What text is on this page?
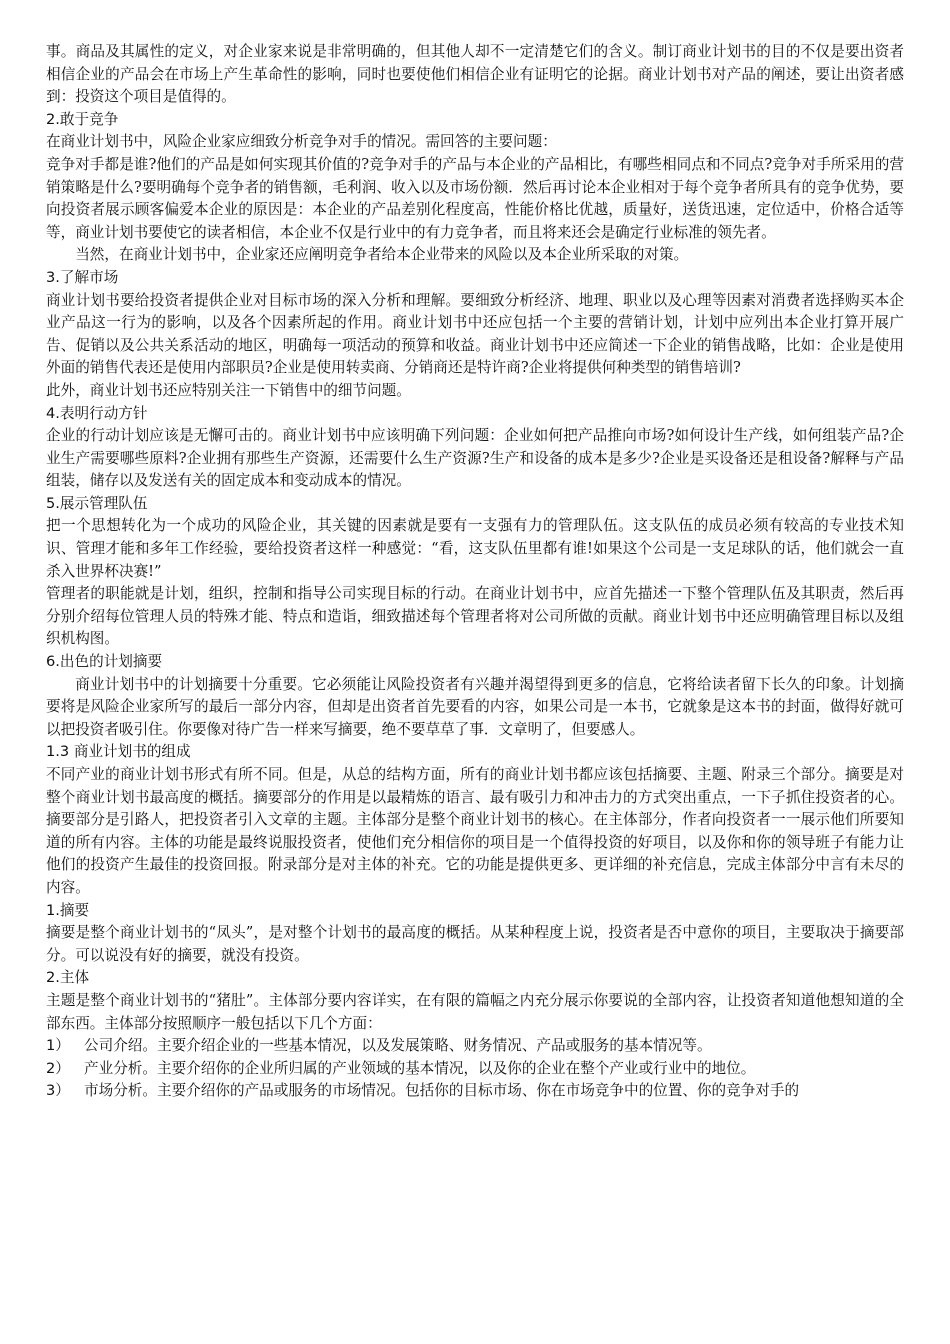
事。商品及其属性的定义，对企业家来说是非常明确的，但其他人却不一定清楚它们的含义。制订商业计划书的目的不仅是要出资者相信企业的产品会在市场上产生革命性的影响，同时也要使他们相信企业有证明它的论据。商业计划书对产品的阐述，要让出资者感到：投资这个项目是值得的。

2.敢于竞争

在商业计划书中，风险企业家应细致分析竞争对手的情况。需回答的主要问题：

竞争对手都是谁?他们的产品是如何实现其价值的?竞争对手的产品与本企业的产品相比，有哪些相同点和不同点?竞争对手所采用的营销策略是什么?要明确每个竞争者的销售额，毛利润、收入以及市场份额．然后再讨论本企业相对于每个竞争者所具有的竞争优势，要向投资者展示顾客偏爱本企业的原因是：本企业的产品差别化程度高，性能价格比优越，质量好，送货迅速，定位适中，价格合适等等，商业计划书要使它的读者相信，本企业不仅是行业中的有力竞争者，而且将来还会是确定行业标准的领先者。

当然，在商业计划书中，企业家还应阐明竞争者给本企业带来的风险以及本企业所采取的对策。

3.了解市场

商业计划书要给投资者提供企业对目标市场的深入分析和理解。要细致分析经济、地理、职业以及心理等因素对消费者选择购买本企业产品这一行为的影响，以及各个因素所起的作用。商业计划书中还应包括一个主要的营销计划，计划中应列出本企业打算开展广告、促销以及公共关系活动的地区，明确每一项活动的预算和收益。商业计划书中还应简述一下企业的销售战略，比如：企业是使用外面的销售代表还是使用内部职员?企业是使用转卖商、分销商还是特许商?企业将提供何种类型的销售培训?

此外，商业计划书还应特别关注一下销售中的细节问题。

4.表明行动方针

企业的行动计划应该是无懈可击的。商业计划书中应该明确下列问题：企业如何把产品推向市场?如何设计生产线，如何组装产品?企业生产需要哪些原料?企业拥有那些生产资源，还需要什么生产资源?生产和设备的成本是多少?企业是买设备还是租设备?解释与产品组装，储存以及发送有关的固定成本和变动成本的情况。

5.展示管理队伍

把一个思想转化为一个成功的风险企业，其关键的因素就是要有一支强有力的管理队伍。这支队伍的成员必须有较高的专业技术知识、管理才能和多年工作经验，要给投资者这样一种感觉：“看，这支队伍里都有谁!如果这个公司是一支足球队的话，他们就会一直杀入世界杯决赛!”

管理者的职能就是计划，组织，控制和指导公司实现目标的行动。在商业计划书中，应首先描述一下整个管理队伍及其职责，然后再分别介绍每位管理人员的特殊才能、特点和造诣，细致描述每个管理者将对公司所做的贡献。商业计划书中还应明确管理目标以及组织机构图。

6.出色的计划摘要

商业计划书中的计划摘要十分重要。它必须能让风险投资者有兴趣并渴望得到更多的信息，它将给读者留下长久的印象。计划摘要将是风险企业家所写的最后一部分内容，但却是出资者首先要看的内容，如果公司是一本书，它就象是这本书的封面，做得好就可以把投资者吸引住。你要像对待广告一样来写摘要，绝不要草草了事．文章明了，但要感人。

1.3 商业计划书的组成

不同产业的商业计划书形式有所不同。但是，从总的结构方面，所有的商业计划书都应该包括摘要、主题、附录三个部分。摘要是对整个商业计划书最高度的概括。摘要部分的作用是以最精炼的语言、最有吸引力和冲击力的方式突出重点，一下子抓住投资者的心。摘要部分是引路人，把投资者引入文章的主题。主体部分是整个商业计划书的核心。在主体部分，作者向投资者一一展示他们所要知道的所有内容。主体的功能是最终说服投资者，使他们充分相信你的项目是一个值得投资的好项目，以及你和你的领导班子有能力让他们的投资产生最佳的投资回报。附录部分是对主体的补充。它的功能是提供更多、更详细的补充信息，完成主体部分中言有未尽的内容。

1.摘要

摘要是整个商业计划书的“凤头”，是对整个计划书的最高度的概括。从某种程度上说，投资者是否中意你的项目，主要取决于摘要部分。可以说没有好的摘要，就没有投资。

2.主体

主题是整个商业计划书的“猪肚”。主体部分要内容详实，在有限的篇幅之内充分展示你要说的全部内容，让投资者知道他想知道的全部东西。主体部分按照顺序一般包括以下几个方面：

1） 公司介绍。主要介绍企业的一些基本情况，以及发展策略、财务情况、产品或服务的基本情况等。
2） 产业分析。主要介绍你的企业所归属的产业领域的基本情况，以及你的企业在整个产业或行业中的地位。
3） 市场分析。主要介绍你的产品或服务的市场情况。包括你的目标市场、你在市场竞争中的位置、你的竞争对手的
